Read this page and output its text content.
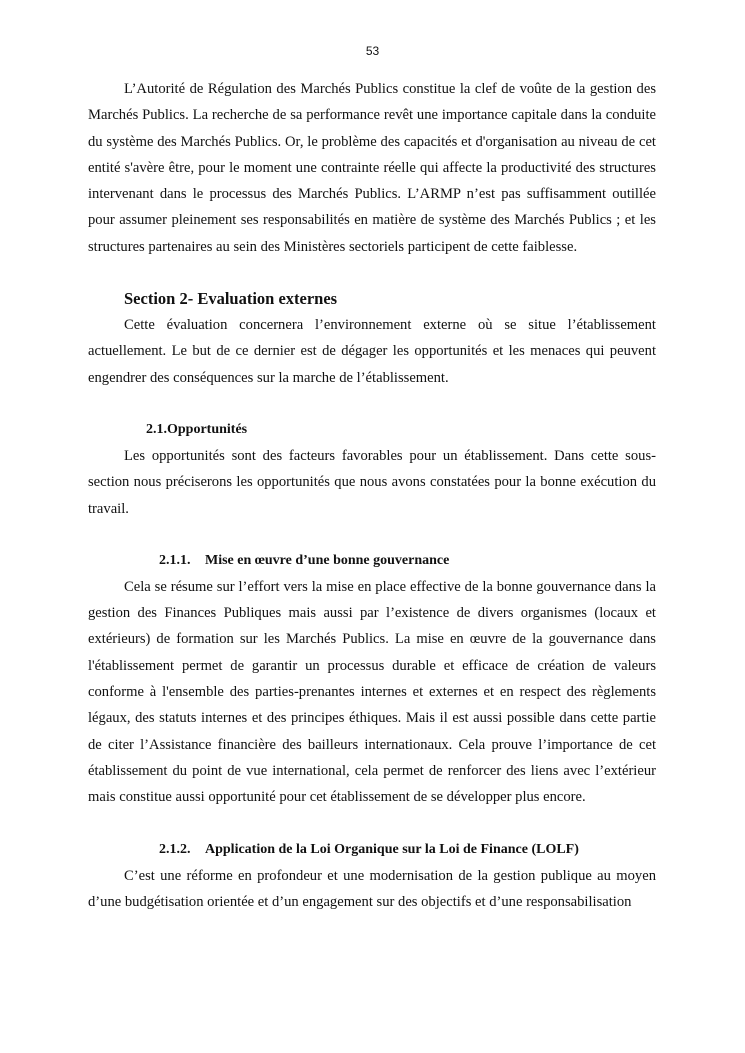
53

L’Autorité de Régulation des Marchés Publics constitue la clef de voûte de la gestion des Marchés Publics. La recherche de sa performance revêt une importance capitale dans la conduite du système des Marchés Publics. Or, le problème des capacités et d'organisation au niveau de cet entité s'avère être, pour le moment une contrainte réelle qui affecte la productivité des structures intervenant dans le processus des Marchés Publics. L’ARMP n’est pas suffisamment outillée pour assumer pleinement ses responsabilités en matière de système des Marchés Publics ; et les structures partenaires au sein des Ministères sectoriels participent de cette faiblesse.

Section 2- Evaluation externes

Cette évaluation concernera l’environnement externe où se situe l’établissement actuellement. Le but de ce dernier est de dégager les opportunités et les menaces qui peuvent engendrer des conséquences sur la marche de l’établissement.

2.1.Opportunités

Les opportunités sont des facteurs favorables pour un établissement. Dans cette sous-section nous préciserons les opportunités que nous avons constatées pour la bonne exécution du travail.

2.1.1. Mise en œuvre d’une bonne gouvernance

Cela se résume sur l’effort vers la mise en place effective de la bonne gouvernance dans la gestion des Finances Publiques mais aussi par l’existence de divers organismes (locaux et extérieurs) de formation sur les Marchés Publics. La mise en œuvre de la gouvernance dans l'établissement permet de garantir un processus durable et efficace de création de valeurs conforme à l'ensemble des parties-prenantes internes et externes et en respect des règlements légaux, des statuts internes et des principes éthiques. Mais il est aussi possible dans cette partie de citer l’Assistance financière des bailleurs internationaux. Cela prouve l’importance de cet établissement du point de vue international, cela permet de renforcer des liens avec l’extérieur mais constitue aussi opportunité pour cet établissement de se développer plus encore.

2.1.2. Application de la Loi Organique sur la Loi de Finance (LOLF)

C’est une réforme en profondeur et une modernisation de la gestion publique au moyen d’une budgétisation orientée et d’un engagement sur des objectifs et d’une responsabilisation
